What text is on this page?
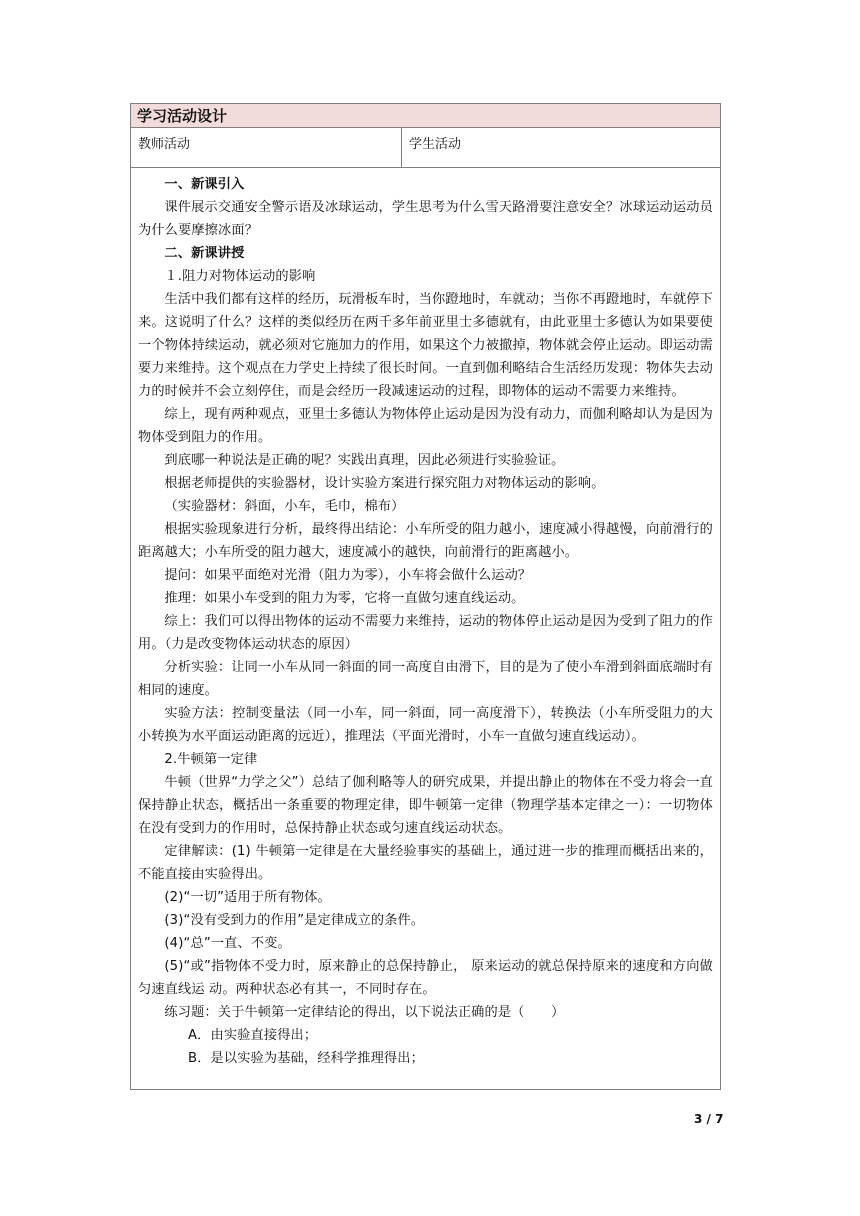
学习活动设计
教师活动	学生活动

一、新课引入

课件展示交通安全警示语及冰球运动，学生思考为什么雪天路滑要注意安全？冰球运动运动员为什么要摩擦冰面？

二、新课讲授

１.阻力对物体运动的影响

生活中我们都有这样的经历，玩滑板车时，当你蹬地时，车就动；当你不再蹬地时，车就停下来。这说明了什么？这样的类似经历在两千多年前亚里士多德就有，由此亚里士多德认为如果要使一个物体持续运动，就必须对它施加力的作用，如果这个力被撤掉，物体就会停止运动。即运动需要力来维持。这个观点在力学史上持续了很长时间。一直到伽利略结合生活经历发现：物体失去动力的时候并不会立刻停住，而是会经历一段减速运动的过程，即物体的运动不需要力来维持。

综上，现有两种观点，亚里士多德认为物体停止运动是因为没有动力，而伽利略却认为是因为物体受到阻力的作用。

到底哪一种说法是正确的呢？实践出真理，因此必须进行实验验证。

根据老师提供的实验器材，设计实验方案进行探究阻力对物体运动的影响。

（实验器材：斜面，小车，毛巾，棉布）

根据实验现象进行分析，最终得出结论：小车所受的阻力越小，速度减小得越慢，向前滑行的距离越大；小车所受的阻力越大，速度减小的越快，向前滑行的距离越小。

提问：如果平面绝对光滑（阻力为零），小车将会做什么运动？

推理：如果小车受到的阻力为零，它将一直做匀速直线运动。

综上：我们可以得出物体的运动不需要力来维持，运动的物体停止运动是因为受到了阻力的作用。（力是改变物体运动状态的原因）

分析实验：让同一小车从同一斜面的同一高度自由滑下，目的是为了使小车滑到斜面底端时有相同的速度。

实验方法：控制变量法（同一小车，同一斜面，同一高度滑下），转换法（小车所受阻力的大小转换为水平面运动距离的远近），推理法（平面光滑时，小车一直做匀速直线运动）。

2.牛顿第一定律

牛顿（世界“力学之父”）总结了伽利略等人的研究成果，并提出静止的物体在不受力将会一直保持静止状态，概括出一条重要的物理定律，即牛顿第一定律（物理学基本定律之一）：一切物体在没有受到力的作用时，总保持静止状态或匀速直线运动状态。

定律解读：(1) 牛顿第一定律是在大量经验事实的基础上，通过进一步的推理而概括出来的，不能直接由实验得出。

(2)“一切”适用于所有物体。

(3)“没有受到力的作用”是定律成立的条件。

(4)“总”一直、不变。

(5)“或”指物体不受力时，原来静止的总保持静止， 原来运动的就总保持原来的速度和方向做匀速直线运 动。两种状态必有其一，不同时存在。

练习题：关于牛顿第一定律结论的得出，以下说法正确的是（　　）

A．由实验直接得出；

B．是以实验为基础，经科学推理得出；

3 / 7
